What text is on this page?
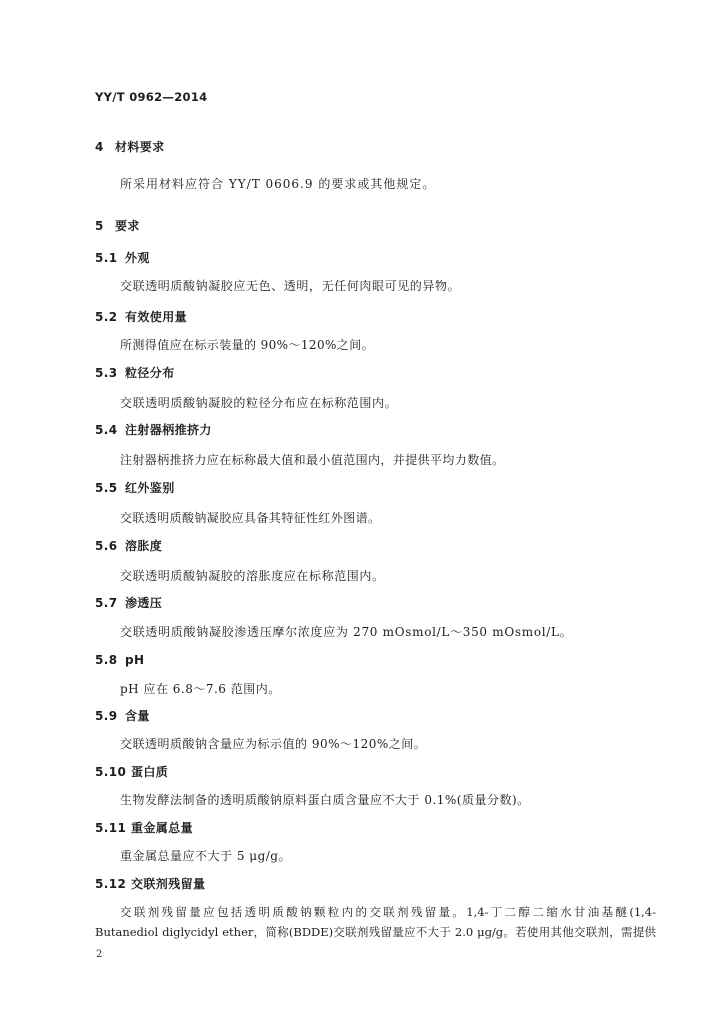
YY/T 0962—2014
4 材料要求
所采用材料应符合 YY/T 0606.9 的要求或其他规定。
5 要求
5.1 外观
交联透明质酸钠凝胶应无色、透明，无任何肉眼可见的异物。
5.2 有效使用量
所测得值应在标示装量的 90%～120%之间。
5.3 粒径分布
交联透明质酸钠凝胶的粒径分布应在标称范围内。
5.4 注射器柄推挤力
注射器柄推挤力应在标称最大值和最小值范围内，并提供平均力数值。
5.5 红外鉴别
交联透明质酸钠凝胶应具备其特征性红外图谱。
5.6 溶胀度
交联透明质酸钠凝胶的溶胀度应在标称范围内。
5.7 渗透压
交联透明质酸钠凝胶渗透压摩尔浓度应为 270 mOsmol/L～350 mOsmol/L。
5.8 pH
pH 应在 6.8～7.6 范围内。
5.9 含量
交联透明质酸钠含量应为标示值的 90%～120%之间。
5.10 蛋白质
生物发酵法制备的透明质酸钠原料蛋白质含量应不大于 0.1%(质量分数)。
5.11 重金属总量
重金属总量应不大于 5 μg/g。
5.12 交联剂残留量
交联剂残留量应包括透明质酸钠颗粒内的交联剂残留量。1,4-丁二醇二缩水甘油基醚(1,4-
Butanediol diglycidyl ether，简称(BDDE)交联剂残留量应不大于 2.0 μg/g。若使用其他交联剂，需提供
2
